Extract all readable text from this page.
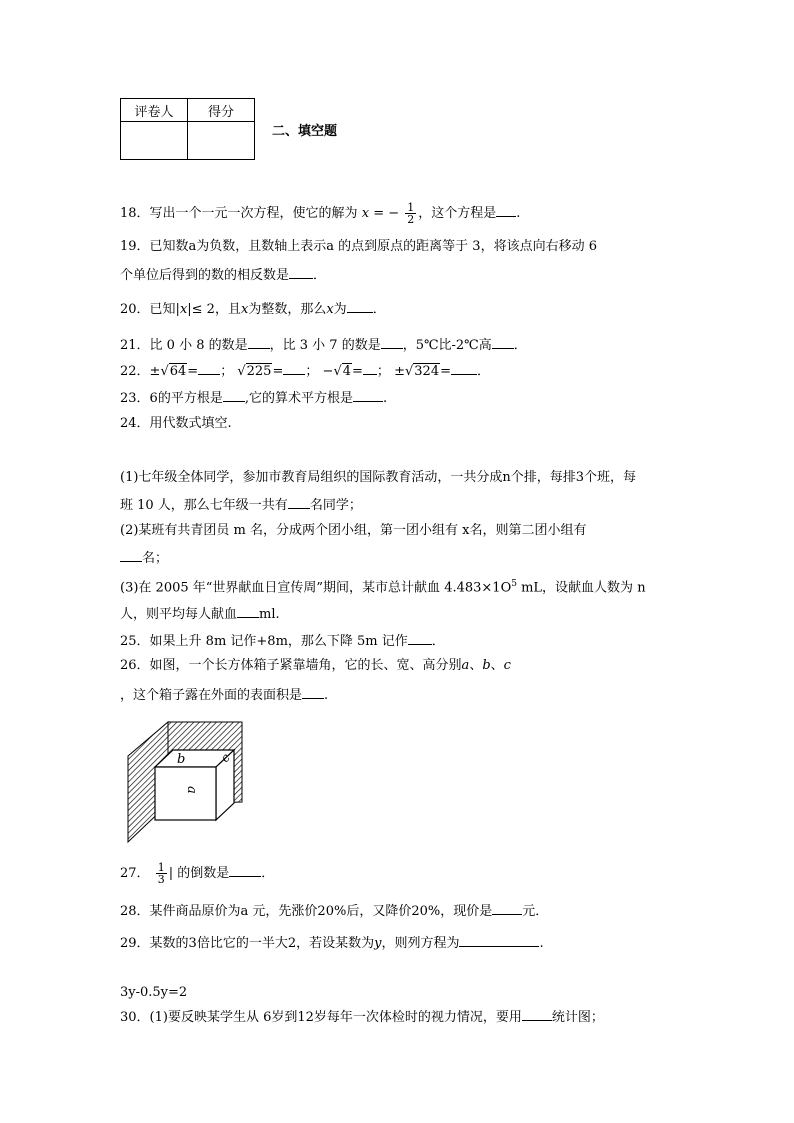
评卷人	得分

二、填空题
18．写出一个一元一次方程，使它的解为 x = − $\frac{1}{2}$ ，这个方程是 .
19．已知数a为负数，且数轴上表示a 的点到原点的距离等于 3，将该点向右移动 6
个单位后得到的数的相反数是 ．
20．已知|x|≤ 2，且x为整数，那么x为 ．
21．比 0 小 8 的数是 ，比 3 小 7 的数是 ，5℃比-2℃高 ．
22．±√64= ； √225= ； −√4= ； ±√324= ．
23．6的平方根是 ,它的算术平方根是 .
24．用代数式填空.
(1)七年级全体同学，参加市教育局组织的国际教育活动，一共分成n个排，每排3个班，每
班 10 人，那么七年级一共有 名同学；
(2)某班有共青团员 m 名，分成两个团小组，第一团小组有 x名，则第二团小组有
名；
(3)在 2005 年“世界献血日宣传周”期间，某市总计献血 $4.483\times 1O^5$ mL，设献血人数为 n
人，则平均每人献血 ml.
25．如果上升 8m 记作+8m，那么下降 5m 记作 ．
26．如图，一个长方体箱子紧靠墙角，它的长、宽、高分别a、b、c
，这个箱子露在外面的表面积是 .
b	c
a
27． $\frac{1}{3}$ | 的倒数是 ．
28．某件商品原价为a 元，先涨价20%后，又降价20%，现价是 元．
29．某数的3倍比它的一半大2，若设某数为y，则列方程为	.
3y-0.5y=2
30．(1)要反映某学生从 6岁到12岁每年一次体检时的视力情况，要用 统计图；
